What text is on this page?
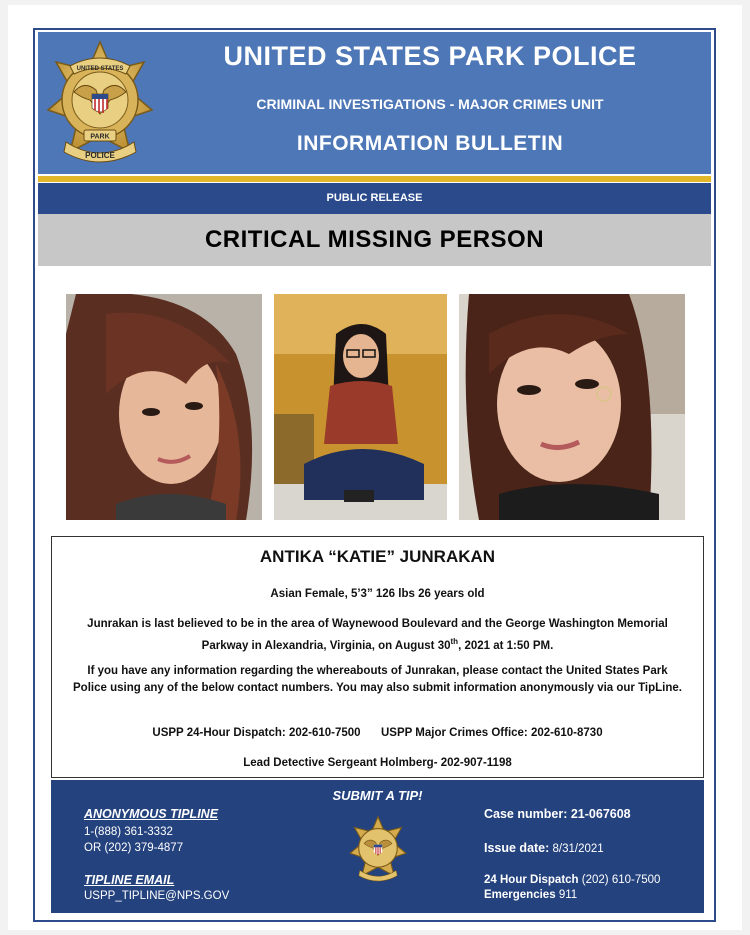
UNITED STATES
PARK
POLICE
UNITED STATES PARK POLICE
CRIMINAL INVESTIGATIONS - MAJOR CRIMES UNIT
INFORMATION BULLETIN
PUBLIC RELEASE
CRITICAL MISSING PERSON
ANTIKA “KATIE” JUNRAKAN
Asian Female, 5’3” 126 lbs 26 years old
Junrakan is last believed to be in the area of Waynewood Boulevard and the George Washington Memorial Parkway in Alexandria, Virginia, on August 30th, 2021 at 1:50 PM.
If you have any information regarding the whereabouts of Junrakan, please contact the United States Park Police using any of the below contact numbers. You may also submit information anonymously via our TipLine.
USPP 24-Hour Dispatch: 202-610-7500 USPP Major Crimes Office: 202-610-8730
Lead Detective Sergeant Holmberg- 202-907-1198
SUBMIT A TIP!
ANONYMOUS TIPLINE
1-(888) 361-3332
OR (202) 379-4877
TIPLINE EMAIL
USPP_TIPLINE@NPS.GOV
Case number: 21-067608
Issue date: 8/31/2021
24 Hour Dispatch (202) 610-7500
Emergencies 911
